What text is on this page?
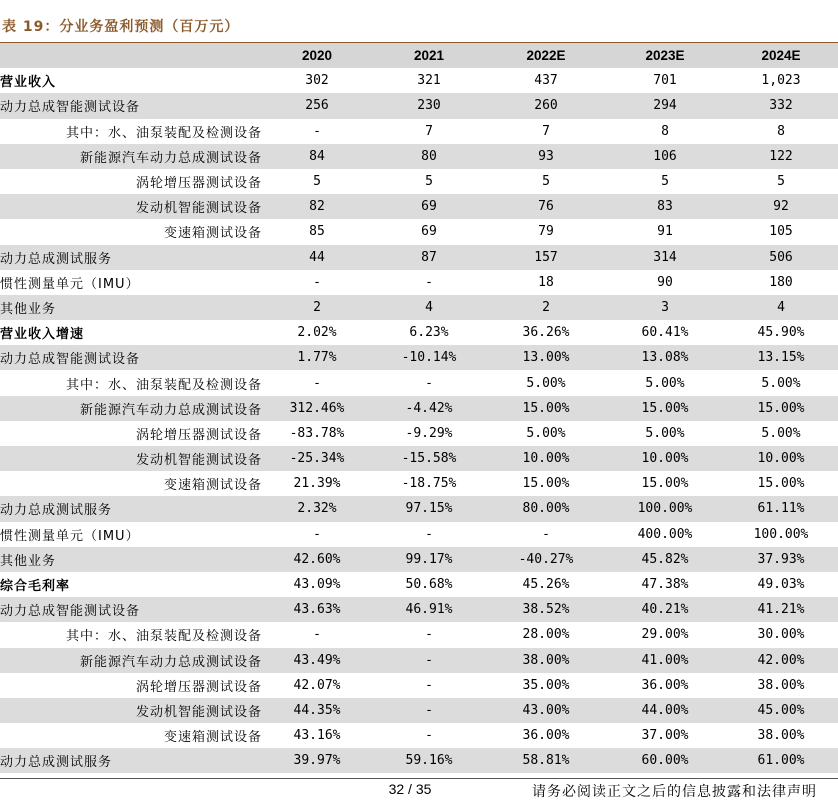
表 19：分业务盈利预测（百万元）
	2020	2021	2022E	2023E	2024E
营业收入	302	321	437	701	1,023
动力总成智能测试设备	256	230	260	294	332
其中：水、油泵装配及检测设备	-	7	7	8	8
新能源汽车动力总成测试设备	84	80	93	106	122
涡轮增压器测试设备	5	5	5	5	5
发动机智能测试设备	82	69	76	83	92
变速箱测试设备	85	69	79	91	105
动力总成测试服务	44	87	157	314	506
惯性测量单元（IMU）	-	-	18	90	180
其他业务	2	4	2	3	4
营业收入增速	2.02%	6.23%	36.26%	60.41%	45.90%
动力总成智能测试设备	1.77%	-10.14%	13.00%	13.08%	13.15%
其中：水、油泵装配及检测设备	-	-	5.00%	5.00%	5.00%
新能源汽车动力总成测试设备	312.46%	-4.42%	15.00%	15.00%	15.00%
涡轮增压器测试设备	-83.78%	-9.29%	5.00%	5.00%	5.00%
发动机智能测试设备	-25.34%	-15.58%	10.00%	10.00%	10.00%
变速箱测试设备	21.39%	-18.75%	15.00%	15.00%	15.00%
动力总成测试服务	2.32%	97.15%	80.00%	100.00%	61.11%
惯性测量单元（IMU）	-	-	-	400.00%	100.00%
其他业务	42.60%	99.17%	-40.27%	45.82%	37.93%
综合毛利率	43.09%	50.68%	45.26%	47.38%	49.03%
动力总成智能测试设备	43.63%	46.91%	38.52%	40.21%	41.21%
其中：水、油泵装配及检测设备	-	-	28.00%	29.00%	30.00%
新能源汽车动力总成测试设备	43.49%	-	38.00%	41.00%	42.00%
涡轮增压器测试设备	42.07%	-	35.00%	36.00%	38.00%
发动机智能测试设备	44.35%	-	43.00%	44.00%	45.00%
变速箱测试设备	43.16%	-	36.00%	37.00%	38.00%
动力总成测试服务	39.97%	59.16%	58.81%	60.00%	61.00%
32 / 35	请务必阅读正文之后的信息披露和法律声明
